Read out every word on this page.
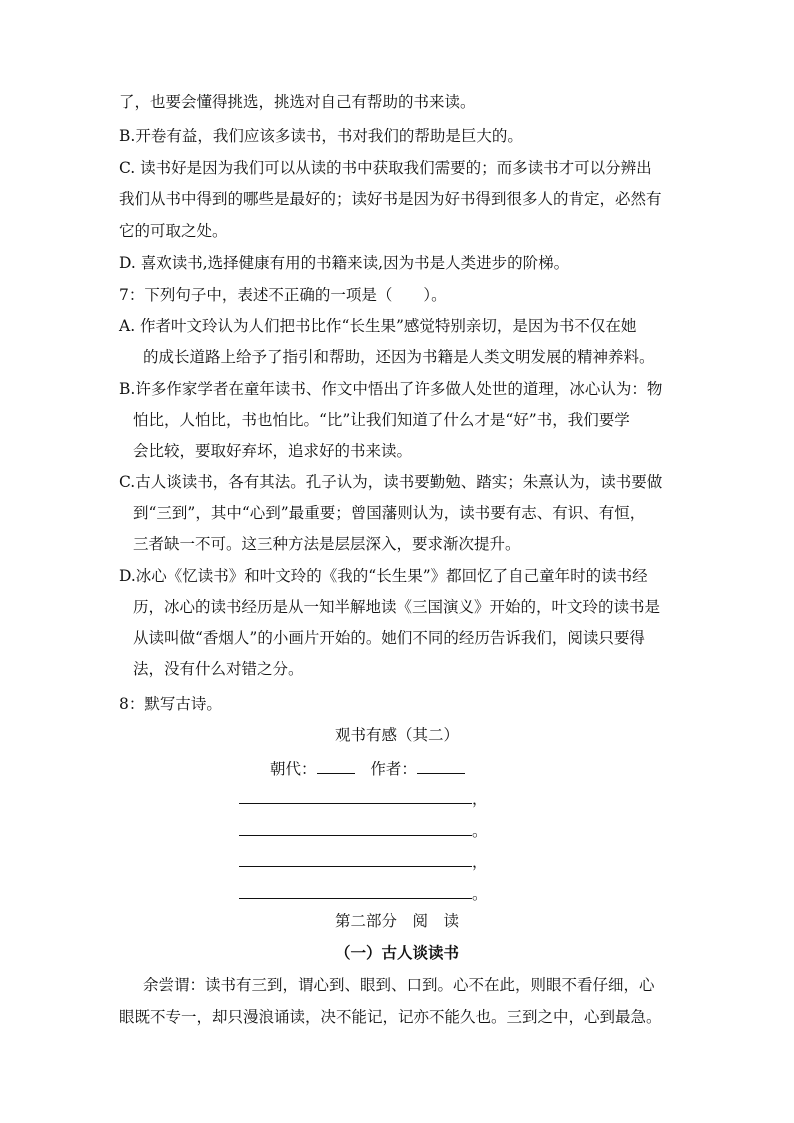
了，也要会懂得挑选，挑选对自己有帮助的书来读。
B.开卷有益，我们应该多读书，书对我们的帮助是巨大的。
C. 读书好是因为我们可以从读的书中获取我们需要的；而多读书才可以分辨出
我们从书中得到的哪些是最好的；读好书是因为好书得到很多人的肯定，必然有
它的可取之处。
D. 喜欢读书,选择健康有用的书籍来读,因为书是人类进步的阶梯。
7：下列句子中，表述不正确的一项是（　　）。
A. 作者叶文玲认为人们把书比作“长生果”感觉特别亲切，是因为书不仅在她
的成长道路上给予了指引和帮助，还因为书籍是人类文明发展的精神养料。
B.许多作家学者在童年读书、作文中悟出了许多做人处世的道理，冰心认为：物
怕比，人怕比，书也怕比。“比”让我们知道了什么才是“好”书，我们要学
会比较，要取好弃坏，追求好的书来读。
C.古人谈读书，各有其法。孔子认为，读书要勤勉、踏实；朱熹认为，读书要做
到“三到”，其中“心到”最重要；曾国藩则认为，读书要有志、有识、有恒，
三者缺一不可。这三种方法是层层深入，要求渐次提升。
D.冰心《忆读书》和叶文玲的《我的“长生果”》都回忆了自己童年时的读书经
历，冰心的读书经历是从一知半解地读《三国演义》开始的，叶文玲的读书是
从读叫做“香烟人”的小画片开始的。她们不同的经历告诉我们，阅读只要得
法，没有什么对错之分。
8：默写古诗。
观书有感（其二）
朝代：	作者：
，
。
，
。
第二部分　阅　读
（一）古人谈读书
余尝谓：读书有三到，谓心到、眼到、口到。心不在此，则眼不看仔细，心
眼既不专一，却只漫浪诵读，决不能记，记亦不能久也。三到之中，心到最急。
